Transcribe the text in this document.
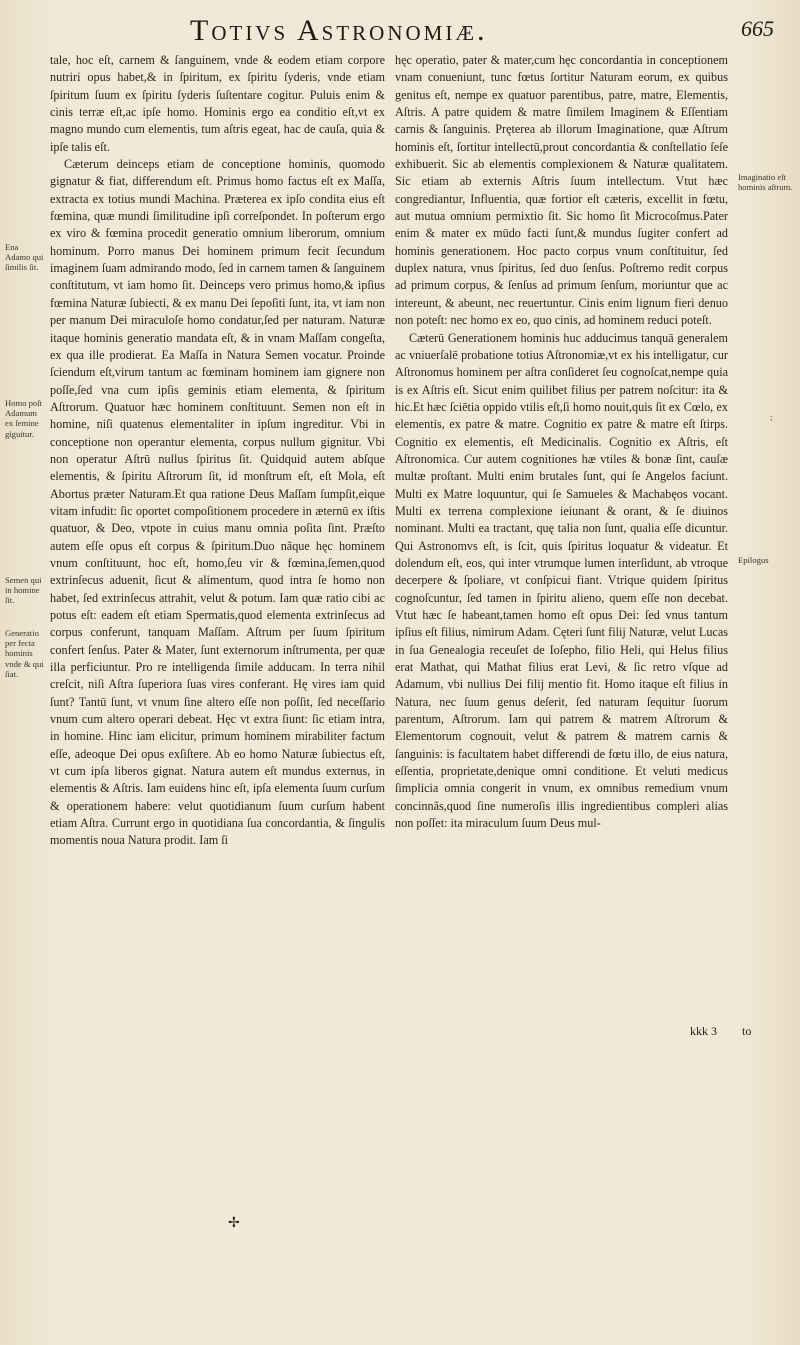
Totivs Astronomiæ.	665
Ena Adamo qui ſimilis ſit.
Homo poſt Adamum ex ſemine giguitur.
Semen qui in homine ſit.
Generatio per fecta hominis vnde & qui ſiat.

tale, hoc eſt, carnem & ſanguinem, vnde & eodem etiam corpore nutriri opus habet,& in ſpiritum, ex ſpiritu ſyderis, vnde etiam ſpiritum ſuum ex ſpiritu ſyderis ſuſtentare cogitur. Puluis enim & cinis terræ eſt,ac ipſe homo. Hominis ergo ea conditio eſt,vt ex magno mundo cum elementis, tum aſtris egeat, hac de cauſa, quia & ipſe talis eſt.

Cæterum deinceps etiam de conceptione hominis, quomodo gignatur & fiat, differendum eſt. Primus homo factus eſt ex Maſſa, extracta ex totius mundi Machina. Præterea ex ipſo condita eius eſt fœmina, quæ mundi ſimilitudine ipſi correſpondet. In poſterum ergo ex viro & fœmina procedit generatio omnium liberorum, omnium hominum. Porro manus Dei hominem primum fecit ſecundum imaginem ſuam admirando modo, ſed in carnem tamen & ſanguinem conſtitutum, vt iam homo ſit. Deinceps vero primus homo,& ipſius fœmina Naturæ ſubiecti, & ex manu Dei ſepoſiti ſunt, ita, vt iam non per manum Dei miraculoſe homo condatur,ſed per naturam. Naturæ itaque hominis generatio mandata eſt, & in vnam Maſſam congeſta, ex qua ille prodierat. Ea Maſſa in Natura Semen vocatur. Proinde ſciendum eſt,virum tantum ac fœminam hominem iam gignere non poſſe,ſed vna cum ipſis geminis etiam elementa, & ſpiritum Aſtrorum. Quatuor hæc hominem conſtituunt. Semen non eſt in homine, niſi quatenus elementaliter in ipſum ingreditur. Vbi in conceptione non operantur elementa, corpus nullum gignitur. Vbi non operatur Aſtrū nullus ſpiritus ſit. Quidquid autem abſque elementis, & ſpiritu Aſtrorum ſit, id monſtrum eſt, eſt Mola, eſt Abortus præter Naturam.Et qua ratione Deus Maſſam ſumpſit,eique vitam infudit: ſic oportet compoſitionem procedere in æternū ex iſtis quatuor, & Deo, vtpote in cuius manu omnia poſita ſint. Præſto autem eſſe opus eſt corpus & ſpiritum.Duo nãque hęc hominem vnum conſtituunt, hoc eſt, homo,ſeu vir & fœmina,ſemen,quod extrinſecus aduenit, ſicut & alimentum, quod intra ſe homo non habet, ſed extrinſecus attrahit, velut & potum. Iam quæ ratio cibi ac potus eſt: eadem eſt etiam Spermatis,quod elementa extrinſecus ad corpus conferunt, tanquam Maſſam. Aſtrum per ſuum ſpiritum confert ſenſus. Pater & Mater, ſunt externorum inſtrumenta, per quæ illa perficiuntur. Pro re intelligenda ſimile adducam. In terra nihil creſcit, niſi Aſtra ſuperiora ſuas vires conferant. Hę vires iam quid ſunt? Tantū ſunt, vt vnum ſine altero eſſe non poſſit, ſed neceſſario vnum cum altero operari debeat. Hęc vt extra ſiunt: ſic etiam intra, in homine. Hinc iam elicitur, primum hominem mirabiliter factum eſſe, adeoque Dei opus exſiſtere. Ab eo homo Naturæ ſubiectus eſt, vt cum ipſa liberos gignat. Natura autem eſt mundus externus, in elementis & Aſtris. Iam euidens hinc eſt, ipſa elementa ſuum curſum & operationem habere: velut quotidianum ſuum curſum habent etiam Aſtra. Currunt ergo in quotidiana ſua concordantia, & ſingulis momentis noua Natura prodit. Iam ſi

hęc operatio, pater & mater,cum hęc concordantia in conceptionem vnam conueniunt, tunc fœtus ſortitur Naturam eorum, ex quibus genitus eſt, nempe ex quatuor parentibus, patre, matre, Elementis, Aſtris. A patre quidem & matre ſimilem Imaginem & Eſſentiam carnis & ſanguinis. Pręterea ab illorum Imaginatione, quæ Aſtrum hominis eſt, ſortitur intellectū,prout concordantia & conſtellatio ſeſe exhibuerit. Sic ab elementis complexionem & Naturæ qualitatem. Sic etiam ab externis Aſtris ſuum intellectum. Vtut hæc congrediantur, Influentia, quæ fortior eſt cæteris, excellit in fœtu, aut mutua omnium permixtio ſit. Sic homo ſit Microcoſmus.Pater enim & mater ex mūdo facti ſunt,& mundus ſugiter confert ad hominis generationem. Hoc pacto corpus vnum conſtituitur, ſed duplex natura, vnus ſpiritus, ſed duo ſenſus. Poſtremo redit corpus ad primum corpus, & ſenſus ad primum ſenſum, moriuntur que ac intereunt, & abeunt, nec reuertuntur. Cinis enim lignum fieri denuo non poteſt: nec homo ex eo, quo cinis, ad hominem reduci poteſt.

Cæterū Generationem hominis huc adducimus tanquā generalem ac vniuerſalē probatione totius Aſtronomiæ,vt ex his intelligatur, cur Aſtronomus hominem per aſtra conſideret ſeu cognoſcat,nempe quia is ex Aſtris eſt. Sicut enim quilibet filius per patrem noſcitur: ita & hic.Et hæc ſciētia oppido vtilis eſt,ſi homo nouit,quis ſit ex Cœlo, ex elementis, ex patre & matre. Cognitio ex patre & matre eſt ſtirps. Cognitio ex elementis, eſt Medicinalis. Cognitio ex Aſtris, eſt Aſtronomica. Cur autem cognitiones hæ vtiles & bonæ ſint, cauſæ multæ proſtant. Multi enim brutales ſunt, qui ſe Angelos faciunt. Multi ex Matre loquuntur, qui ſe Samueles & Machabęos vocant. Multi ex terrena complexione ieiunant & orant, & ſe diuinos nominant. Multi ea tractant, quę talia non ſunt, qualia eſſe dicuntur. Qui Astronomvs eſt, is ſcit, quis ſpiritus loquatur & videatur. Et dolendum eſt, eos, qui inter vtrumque lumen interſidunt, ab vtroque decerpere & ſpoliare, vt conſpicui fiant. Vtrique quidem ſpiritus cognoſcuntur, ſed tamen in ſpiritu alieno, quem eſſe non decebat. Vtut hæc ſe habeant,tamen homo eſt opus Dei: ſed vnus tantum ipſius eſt filius, nimirum Adam. Cęteri ſunt filij Naturæ, velut Lucas in ſua Genealogia receuſet de Ioſepho, filio Heli, qui Helus filius erat Mathat, qui Mathat filius erat Levi, & ſic retro vſque ad Adamum, vbi nullius Dei filij mentio fit. Homo itaque eſt filius in Natura, nec ſuum genus deſerit, ſed naturam ſequitur ſuorum parentum, Aſtrorum. Iam qui patrem & matrem Aſtrorum & Elementorum cognouit, velut & patrem & matrem carnis & ſanguinis: is facultatem habet differendi de fœtu illo, de eius natura, eſſentia, proprietate,denique omni conditione. Et veluti medicus ſimplicia omnia congerit in vnum, ex omnibus remedium vnum concinnãs,quod ſine numeroſis illis ingredientibus compleri alias non poſſet: ita miraculum ſuum Deus mul-

Imaginatio eſt hominis aſtrum.
;
Epilogus
kkk 3 to
✢
